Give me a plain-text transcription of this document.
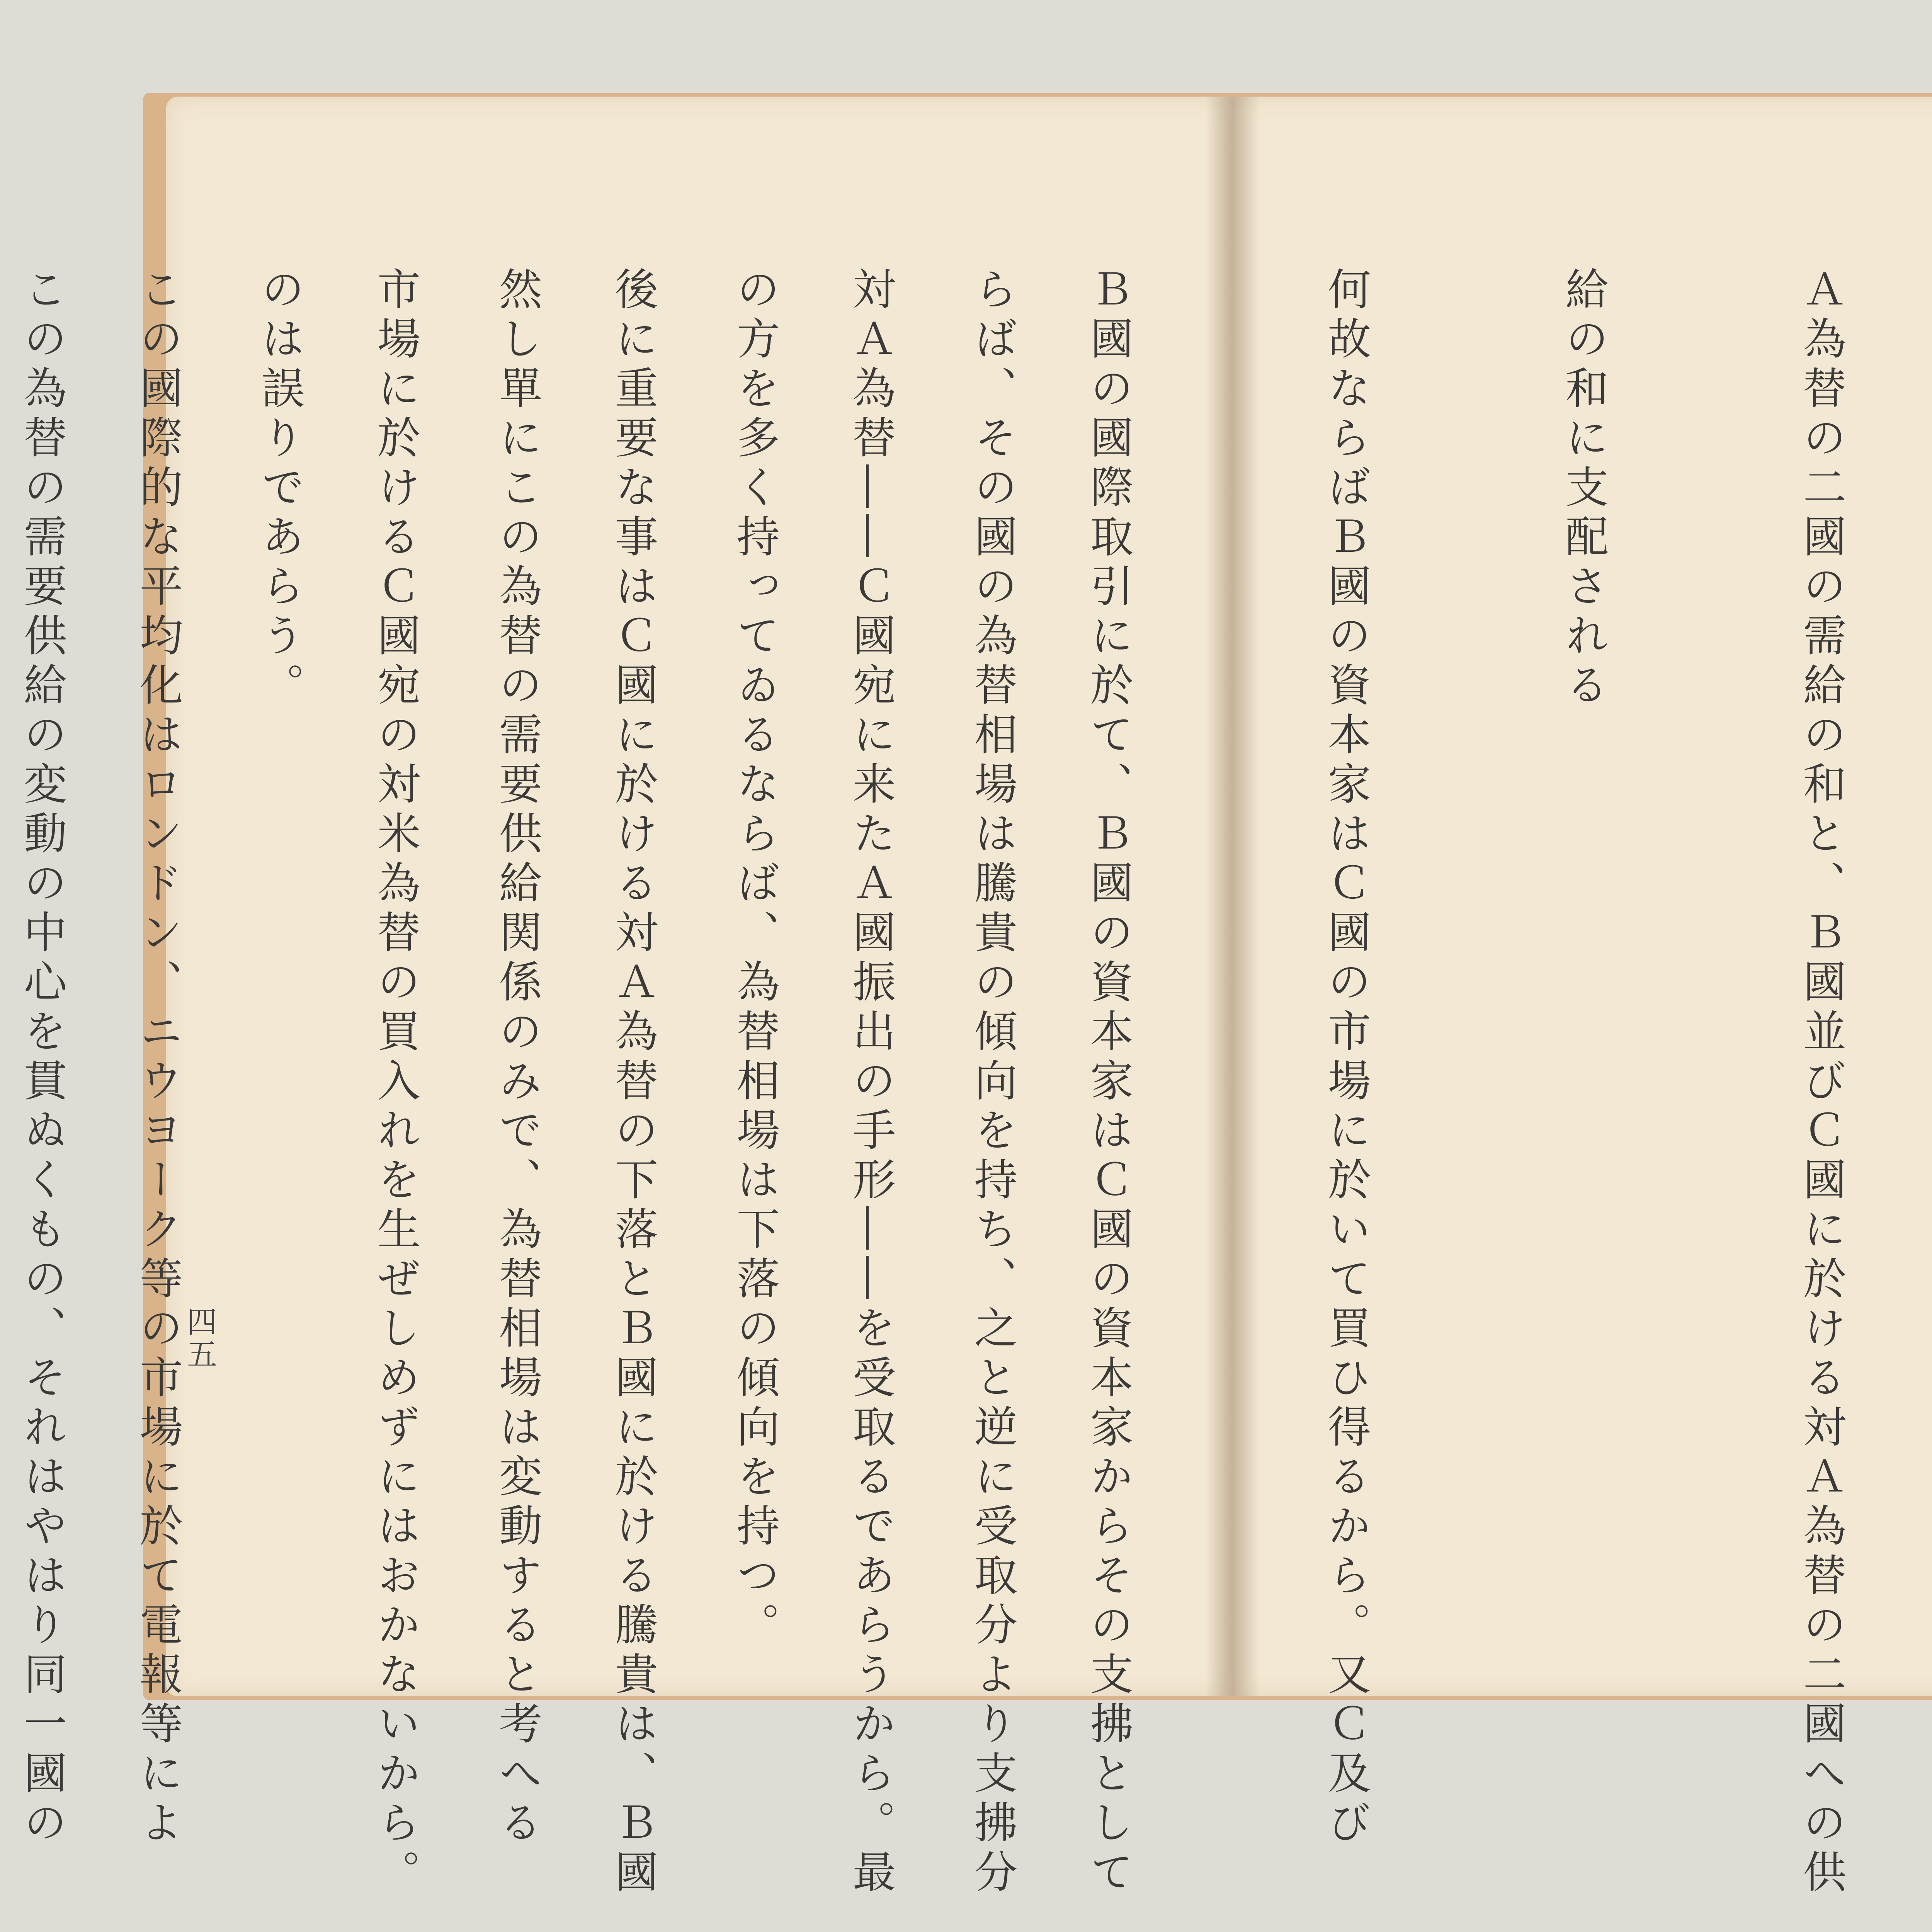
Ａ為替の二國の需給の和と、Ｂ國並びＣ國に於ける対Ａ為替の二國への供

給の和に支配される

何故ならばＢ國の資本家はＣ國の市場に於いて買ひ得るから。又Ｃ及び

Ｂ國の國際取引に於て、Ｂ國の資本家はＣ國の資本家からその支拂として

対Ａ為替――Ｃ國宛に来たＡ國振出の手形――を受取るであらうから。最

後に重要な事はＣ國に於ける対Ａ為替の下落とＢ國に於ける騰貴は、Ｂ國

市場に於けるＣ國宛の対米為替の買入れを生ぜしめずにはおかないから。

この國際的な平均化はロンドン、ニウヨーク等の市場に於て電報等によ

	らば、その國の為替相場は騰貴の傾向を持ち、之と逆に受取分より支拂分

の方を多く持ってゐるならば、為替相場は下落の傾向を持つ。

然し單にこの為替の需要供給関係のみで、為替相場は変動すると考へる

のは誤りであらう。

この為替の需要供給の変動の中心を貫ぬくもの、それはやはり同一國の

	四五
